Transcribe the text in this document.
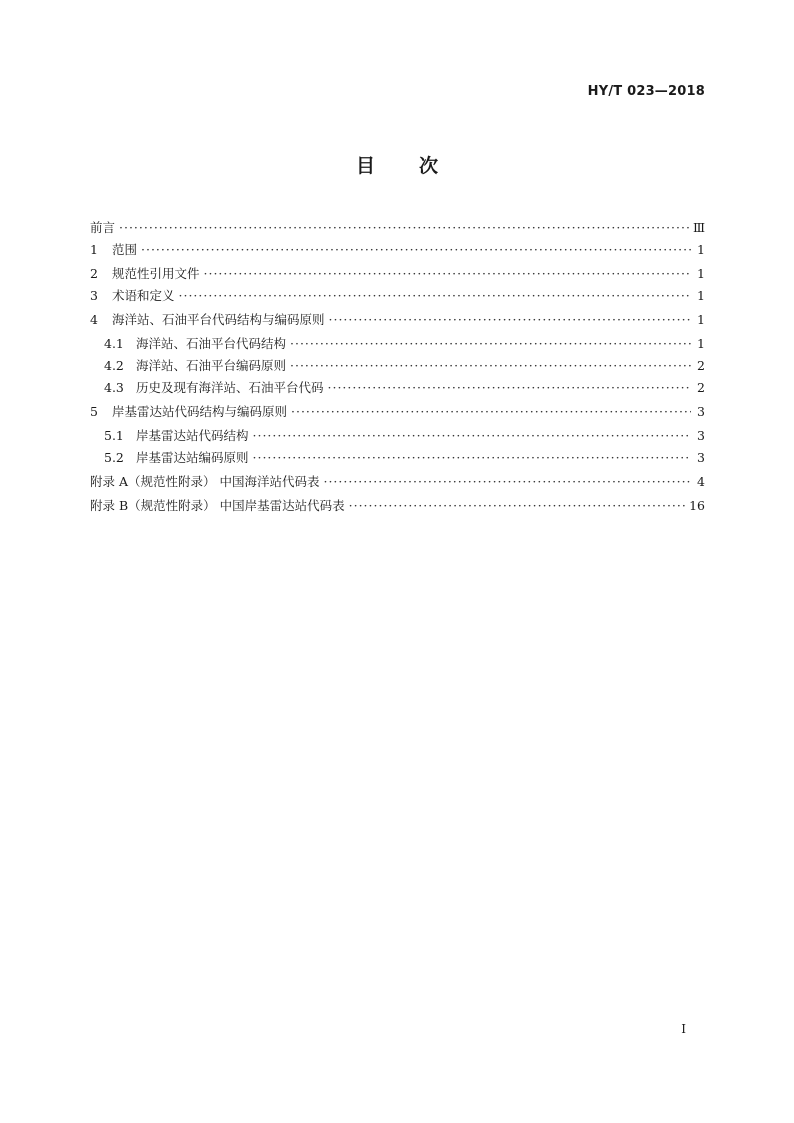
HY/T 023—2018
目 次
前言 ·····	Ⅲ
1	范围 ·····	1
2	规范性引用文件 ·····	1
3	术语和定义 ·····	1
4	海洋站、石油平台代码结构与编码原则 ·····	1
4.1 海洋站、石油平台代码结构 ·····	1
4.2 海洋站、石油平台编码原则 ·····	2
4.3 历史及现有海洋站、石油平台代码 ·····	2
5	岸基雷达站代码结构与编码原则 ·····	3
5.1 岸基雷达站代码结构 ·····	3
5.2 岸基雷达站编码原则 ·····	3
附录 A（规范性附录） 中国海洋站代码表 ·····	4
附录 B（规范性附录） 中国岸基雷达站代码表 ·····	16
Ⅰ
